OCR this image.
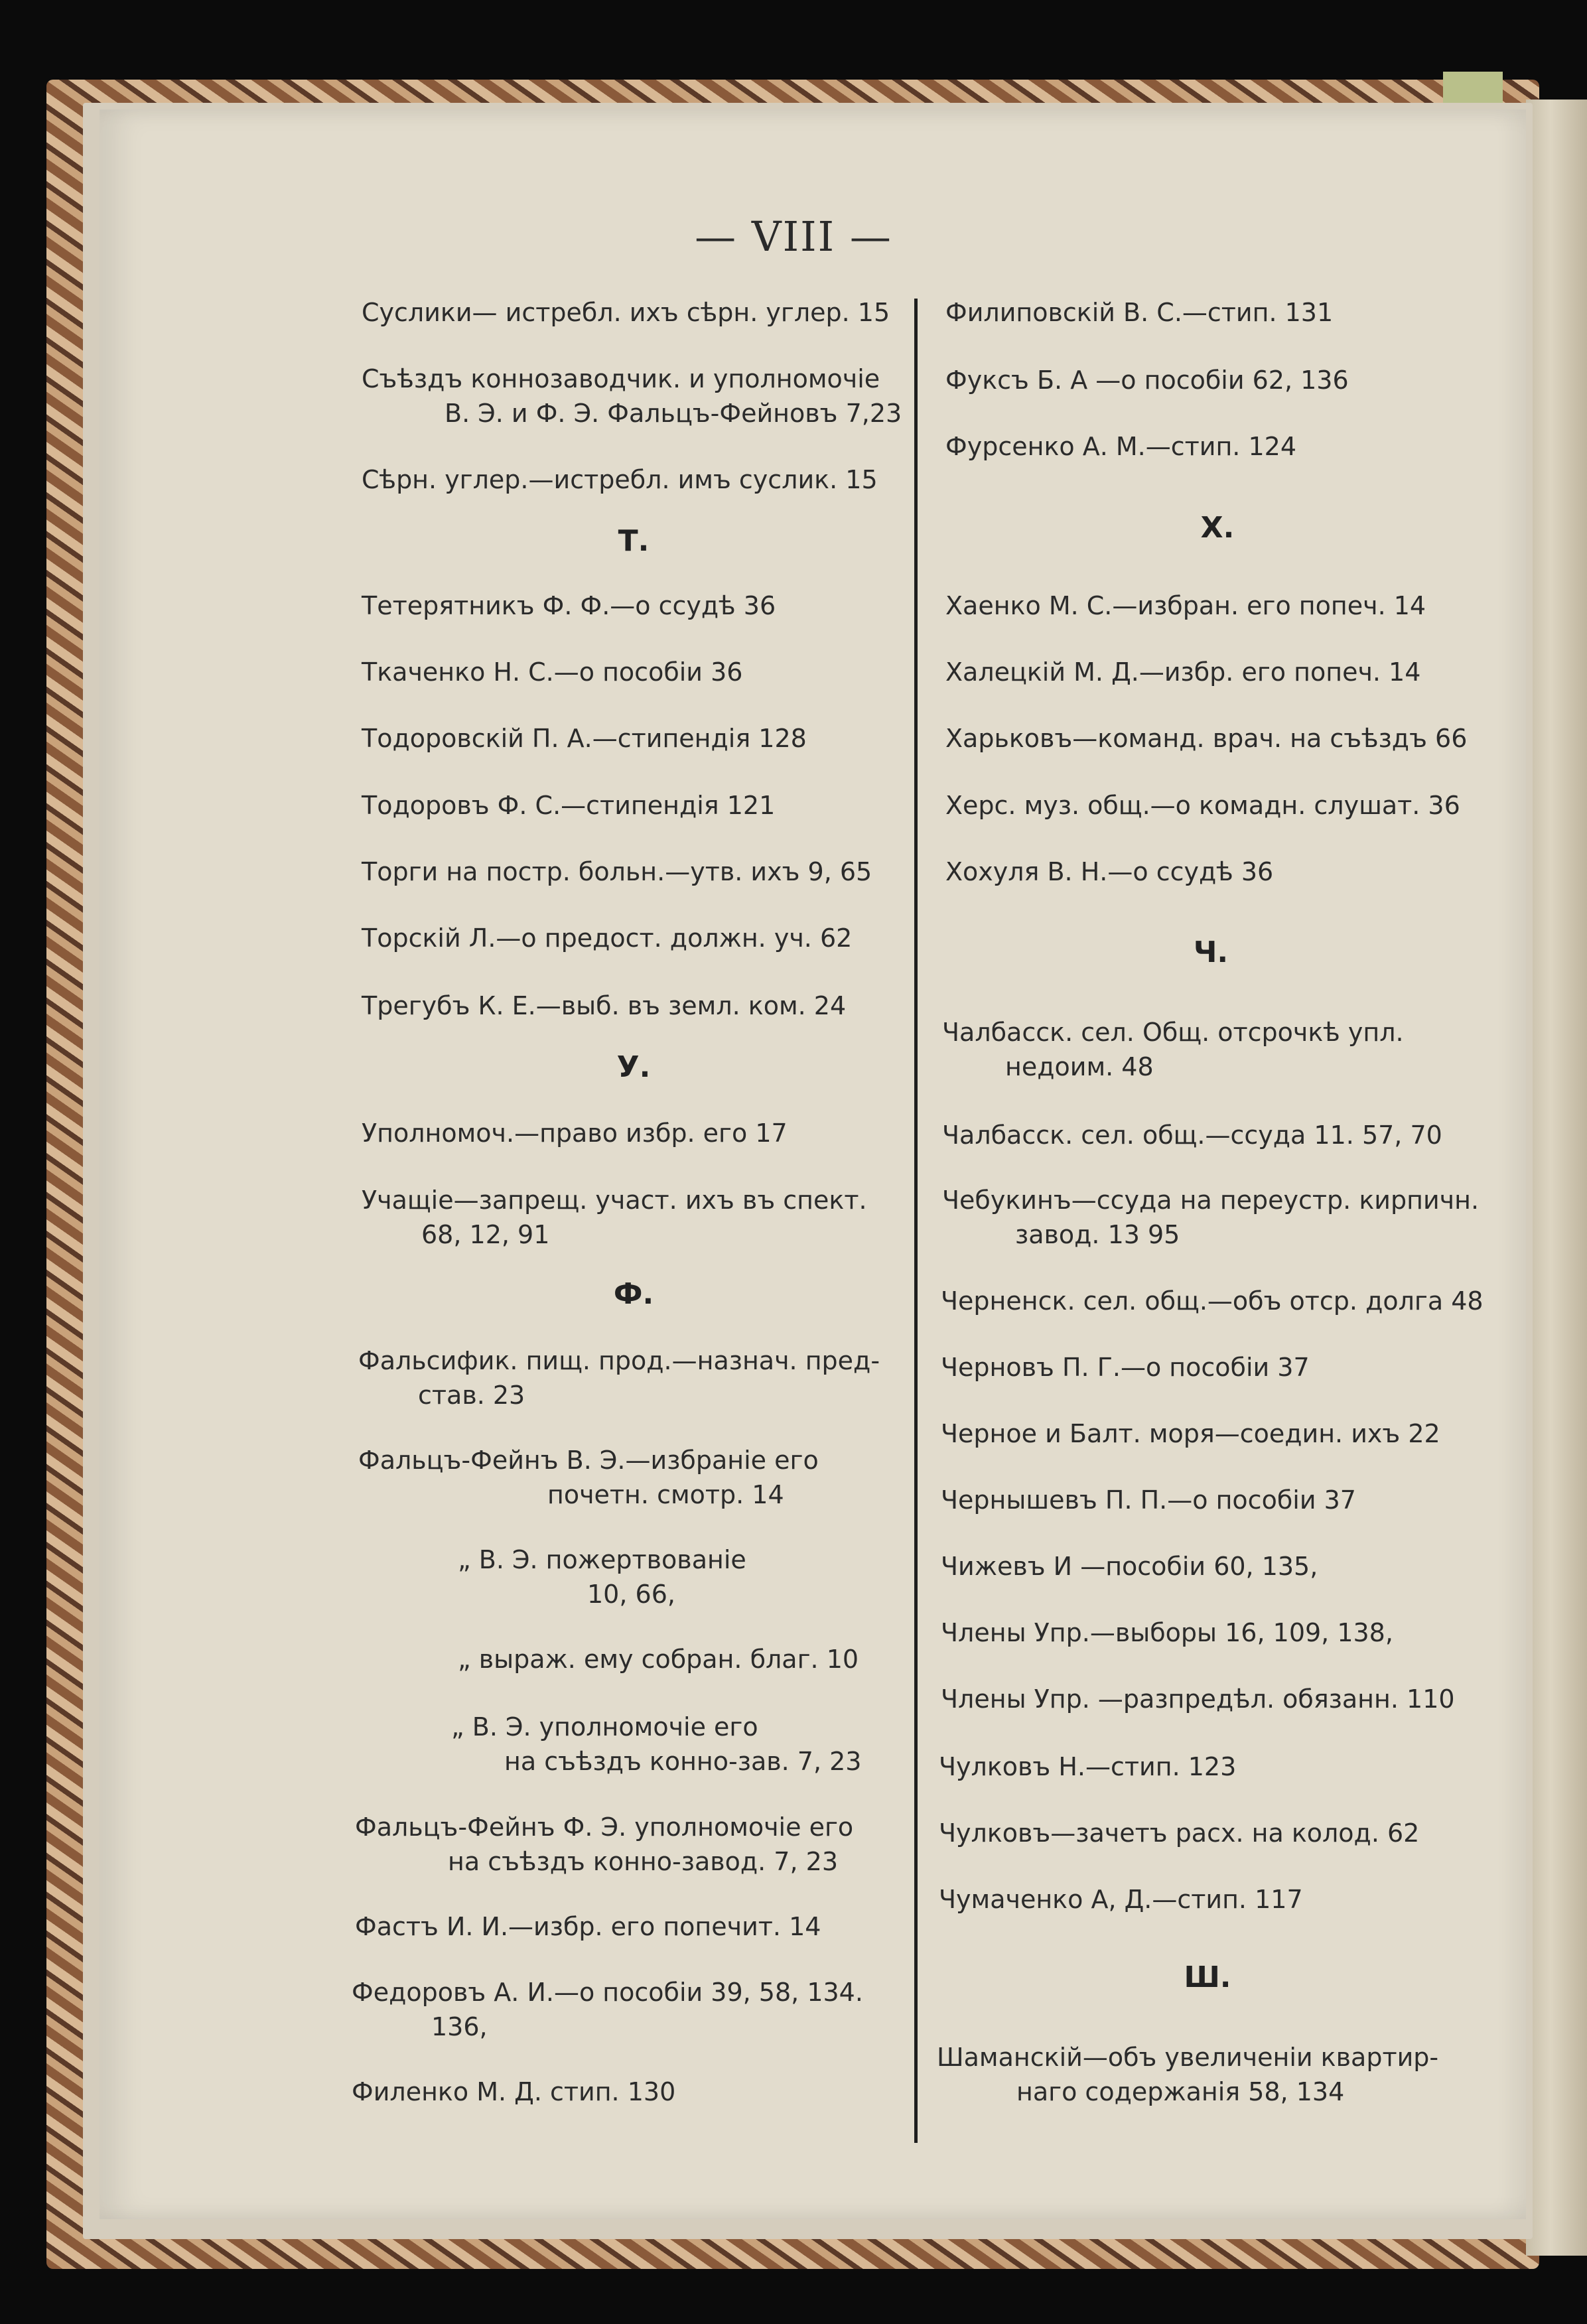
— VIII —
Суслики— истребл. ихъ сѣрн. углер. 15
Съѣздъ коннозаводчик. и уполномочіе
В. Э. и Ф. Э. Фальцъ-Фейновъ 7,23
Сѣрн. углер.—истребл. имъ суслик. 15
Т.
Тетерятникъ Ф. Ф.—о ссудѣ 36
Ткаченко Н. С.—о пособіи 36
Тодоровскій П. А.—стипендія 128
Тодоровъ Ф. С.—стипендія 121
Торги на постр. больн.—утв. ихъ 9, 65
Торскій Л.—о предост. должн. уч. 62
Трегубъ К. Е.—выб. въ земл. ком. 24
У.
Уполномоч.—право избр. его 17
Учащіе—запрещ. участ. ихъ въ спект.
68, 12, 91
Ф.
Фальсифик. пищ. прод.—назнач. пред-
став. 23
Фальцъ-Фейнъ В. Э.—избраніе его
почетн. смотр. 14
„ В. Э. пожертвованіе
10, 66,
„ выраж. ему собран. благ. 10
„ В. Э. уполномочіе его
на съѣздъ конно-зав. 7, 23
Фальцъ-Фейнъ Ф. Э. уполномочіе его
на съѣздъ конно-завод. 7, 23
Фастъ И. И.—избр. его попечит. 14
Федоровъ А. И.—о пособіи 39, 58, 134.
136,
Филенко М. Д. стип. 130
Филиповскій В. С.—стип. 131
Фуксъ Б. А —о пособіи 62, 136
Фурсенко А. М.—стип. 124
Х.
Хаенко М. С.—избран. его попеч. 14
Халецкій М. Д.—избр. его попеч. 14
Харьковъ—команд. врач. на съѣздъ 66
Херс. муз. общ.—о комадн. слушат. 36
Хохуля В. Н.—о ссудѣ 36
Ч.
Чалбасск. сел. Общ. отсрочкѣ упл.
недоим. 48
Чалбасск. сел. общ.—ссуда 11. 57, 70
Чебукинъ—ссуда на переустр. кирпичн.
завод. 13 95
Черненск. сел. общ.—объ отср. долга 48
Черновъ П. Г.—о пособіи 37
Черное и Балт. моря—соедин. ихъ 22
Чернышевъ П. П.—о пособіи 37
Чижевъ И —пособіи 60, 135,
Члены Упр.—выборы 16, 109, 138,
Члены Упр. —разпредѣл. обязанн. 110
Чулковъ Н.—стип. 123
Чулковъ—зачетъ расх. на колод. 62
Чумаченко А, Д.—стип. 117
Ш.
Шаманскій—объ увеличеніи квартир-
наго содержанія 58, 134
